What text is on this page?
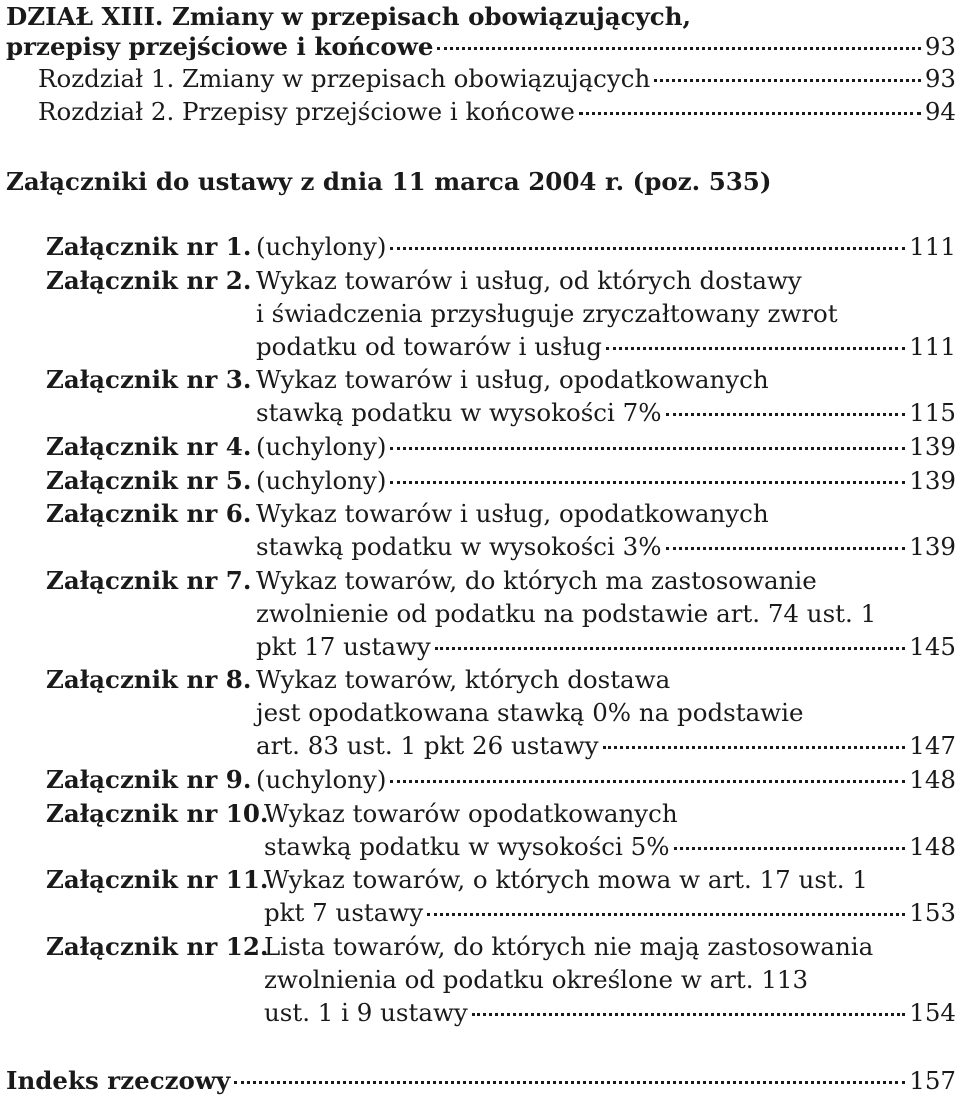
DZIAŁ XIII. Zmiany w przepisach obowiązujących,
przepisy przejściowe i końcowe	93
Rozdział 1. Zmiany w przepisach obowiązujących	93
Rozdział 2. Przepisy przejściowe i końcowe	94
Załączniki do ustawy z dnia 11 marca 2004 r. (poz. 535)
Załącznik nr 1. (uchylony)	111
Załącznik nr 2. Wykaz towarów i usług, od których dostawy
i świadczenia przysługuje zryczałtowany zwrot
podatku od towarów i usług	111
Załącznik nr 3. Wykaz towarów i usług, opodatkowanych
stawką podatku w wysokości 7%	115
Załącznik nr 4. (uchylony)	139
Załącznik nr 5. (uchylony)	139
Załącznik nr 6. Wykaz towarów i usług, opodatkowanych
stawką podatku w wysokości 3%	139
Załącznik nr 7. Wykaz towarów, do których ma zastosowanie
zwolnienie od podatku na podstawie art. 74 ust. 1
pkt 17 ustawy	145
Załącznik nr 8. Wykaz towarów, których dostawa
jest opodatkowana stawką 0% na podstawie
art. 83 ust. 1 pkt 26 ustawy	147
Załącznik nr 9. (uchylony)	148
Załącznik nr 10.
Wykaz towarów opodatkowanych
stawką podatku w wysokości 5%	148
Załącznik nr 11.
Wykaz towarów, o których mowa w art. 17 ust. 1
pkt 7 ustawy	153
Załącznik nr 12.
Lista towarów, do których nie mają zastosowania
zwolnienia od podatku określone w art. 113
ust. 1 i 9 ustawy	154
Indeks rzeczowy	157
